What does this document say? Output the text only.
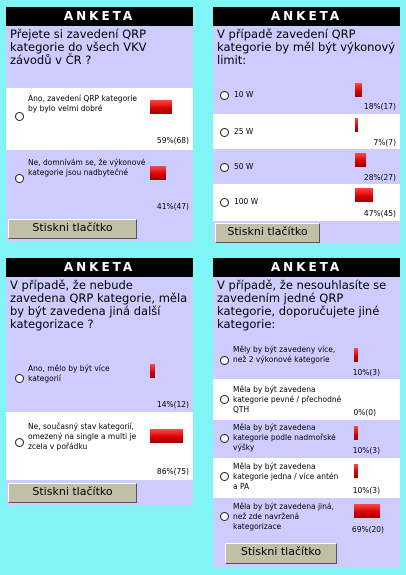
ANKETA
Přejete si zavedení QRP kategorie do všech VKV závodů v ČR ?
Ano, zavedení QRP kategorie by bylo velmi dobré
59%(68)
Ne, domnívám se, že výkonové kategorie jsou nadbytečné
41%(47)
Stiskni tlačítko
ANKETA
V případě zavedení QRP kategorie by měl být výkonový limit:
10 W
18%(17)
25 W
7%(7)
50 W
28%(27)
100 W
47%(45)
Stiskni tlačítko
ANKETA
V případě, že nebude zavedena QRP kategorie, měla by být zavedena jiná další kategorizace ?
Ano, mělo by být více kategorií
14%(12)
Ne, současný stav kategorií, omezený na single a multi je zcela v pořádku
86%(75)
Stiskni tlačítko
ANKETA
V případě, že nesouhlasíte se zavedením jedné QRP kategorie, doporučujete jiné kategorie:
Měly by být zavedeny více, než 2 výkonové kategorie
10%(3)
Měla by být zavedena kategorie pevné / přechodné QTH	0%(0)
Měla by být zavedena kategorie podle nadmořské výšky	10%(3)
Měla by být zavedena kategorie jedna / více antén a PA	10%(3)
Měla by být zavedena jiná, než zde navržená kategorizace	69%(20)
Stiskni tlačítko
